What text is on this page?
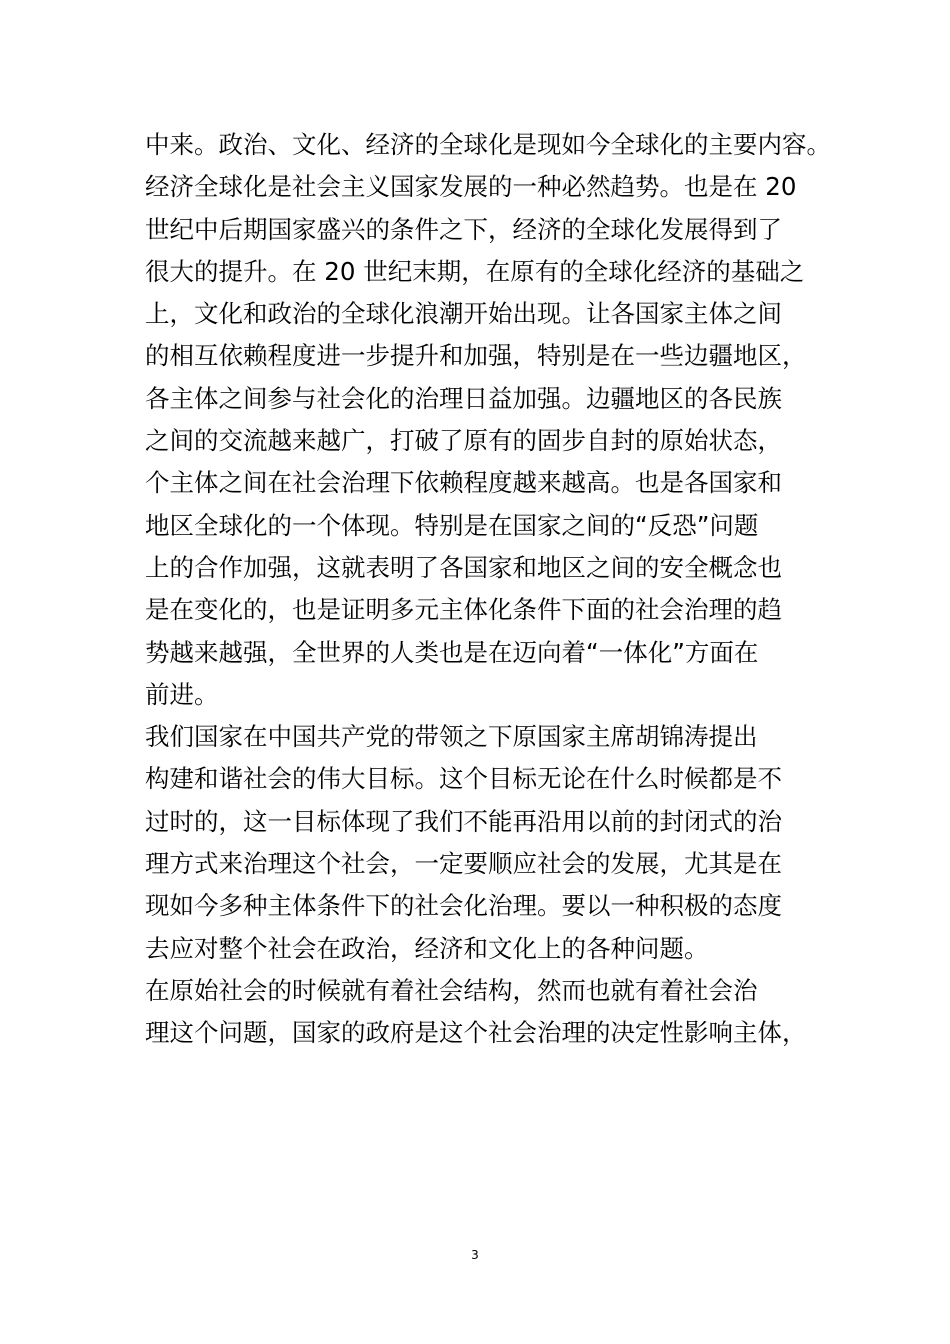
中来。政治、文化、经济的全球化是现如今全球化的主要内容。
经济全球化是社会主义国家发展的一种必然趋势。也是在 20
世纪中后期国家盛兴的条件之下，经济的全球化发展得到了
很大的提升。在 20 世纪末期，在原有的全球化经济的基础之
上，文化和政治的全球化浪潮开始出现。让各国家主体之间
的相互依赖程度进一步提升和加强，特别是在一些边疆地区，
各主体之间参与社会化的治理日益加强。边疆地区的各民族
之间的交流越来越广，打破了原有的固步自封的原始状态，
个主体之间在社会治理下依赖程度越来越高。也是各国家和
地区全球化的一个体现。特别是在国家之间的“反恐”问题
上的合作加强，这就表明了各国家和地区之间的安全概念也
是在变化的，也是证明多元主体化条件下面的社会治理的趋
势越来越强，全世界的人类也是在迈向着“一体化”方面在
前进。
我们国家在中国共产党的带领之下原国家主席胡锦涛提出
构建和谐社会的伟大目标。这个目标无论在什么时候都是不
过时的，这一目标体现了我们不能再沿用以前的封闭式的治
理方式来治理这个社会，一定要顺应社会的发展，尤其是在
现如今多种主体条件下的社会化治理。要以一种积极的态度
去应对整个社会在政治，经济和文化上的各种问题。
在原始社会的时候就有着社会结构，然而也就有着社会治
理这个问题，国家的政府是这个社会治理的决定性影响主体，
3
